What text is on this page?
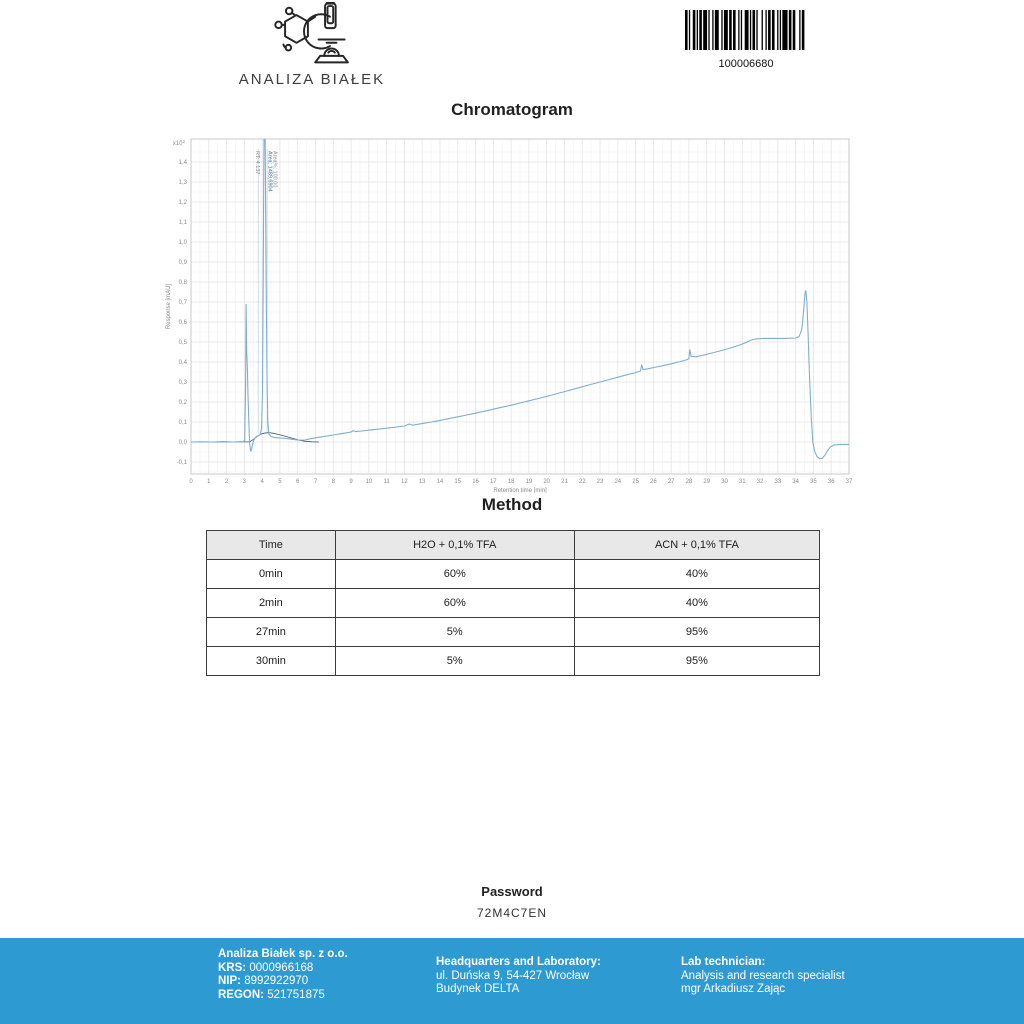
ANALIZA BIAŁEK
100006680
Chromatogram
-0,1
0,0
0,1
0,2
0,3
0,4
0,5
0,6
0,7
0,8
0,9
1,0
1,1
1,2
1,3
1,4
$x10^2$
0 1 2 3 4 5 6 7 8 9 10 11 12 13 14 15 16 17 18 19 20 21 22 23 24 25 26 27 28 29 30 31 32 33 34 35 36 37
Response [mAU]
Retention time [min]
RT: 4.137 Area: 1489,6904
Area%: 100,00
Method
Time	H2O + 0,1% TFA	ACN + 0,1% TFA
0min	60%	40%
2min	60%	40%
27min	5%	95%
30min	5%	95%
Password
72M4C7EN
Analiza Białek sp. z o.o.
KRS: 0000966168
NIP: 8992922970
REGON: 521751875
Headquarters and Laboratory:
ul. Duńska 9, 54-427 Wrocław
Budynek DELTA
Lab technician:
Analysis and research specialist
mgr Arkadiusz Zając
